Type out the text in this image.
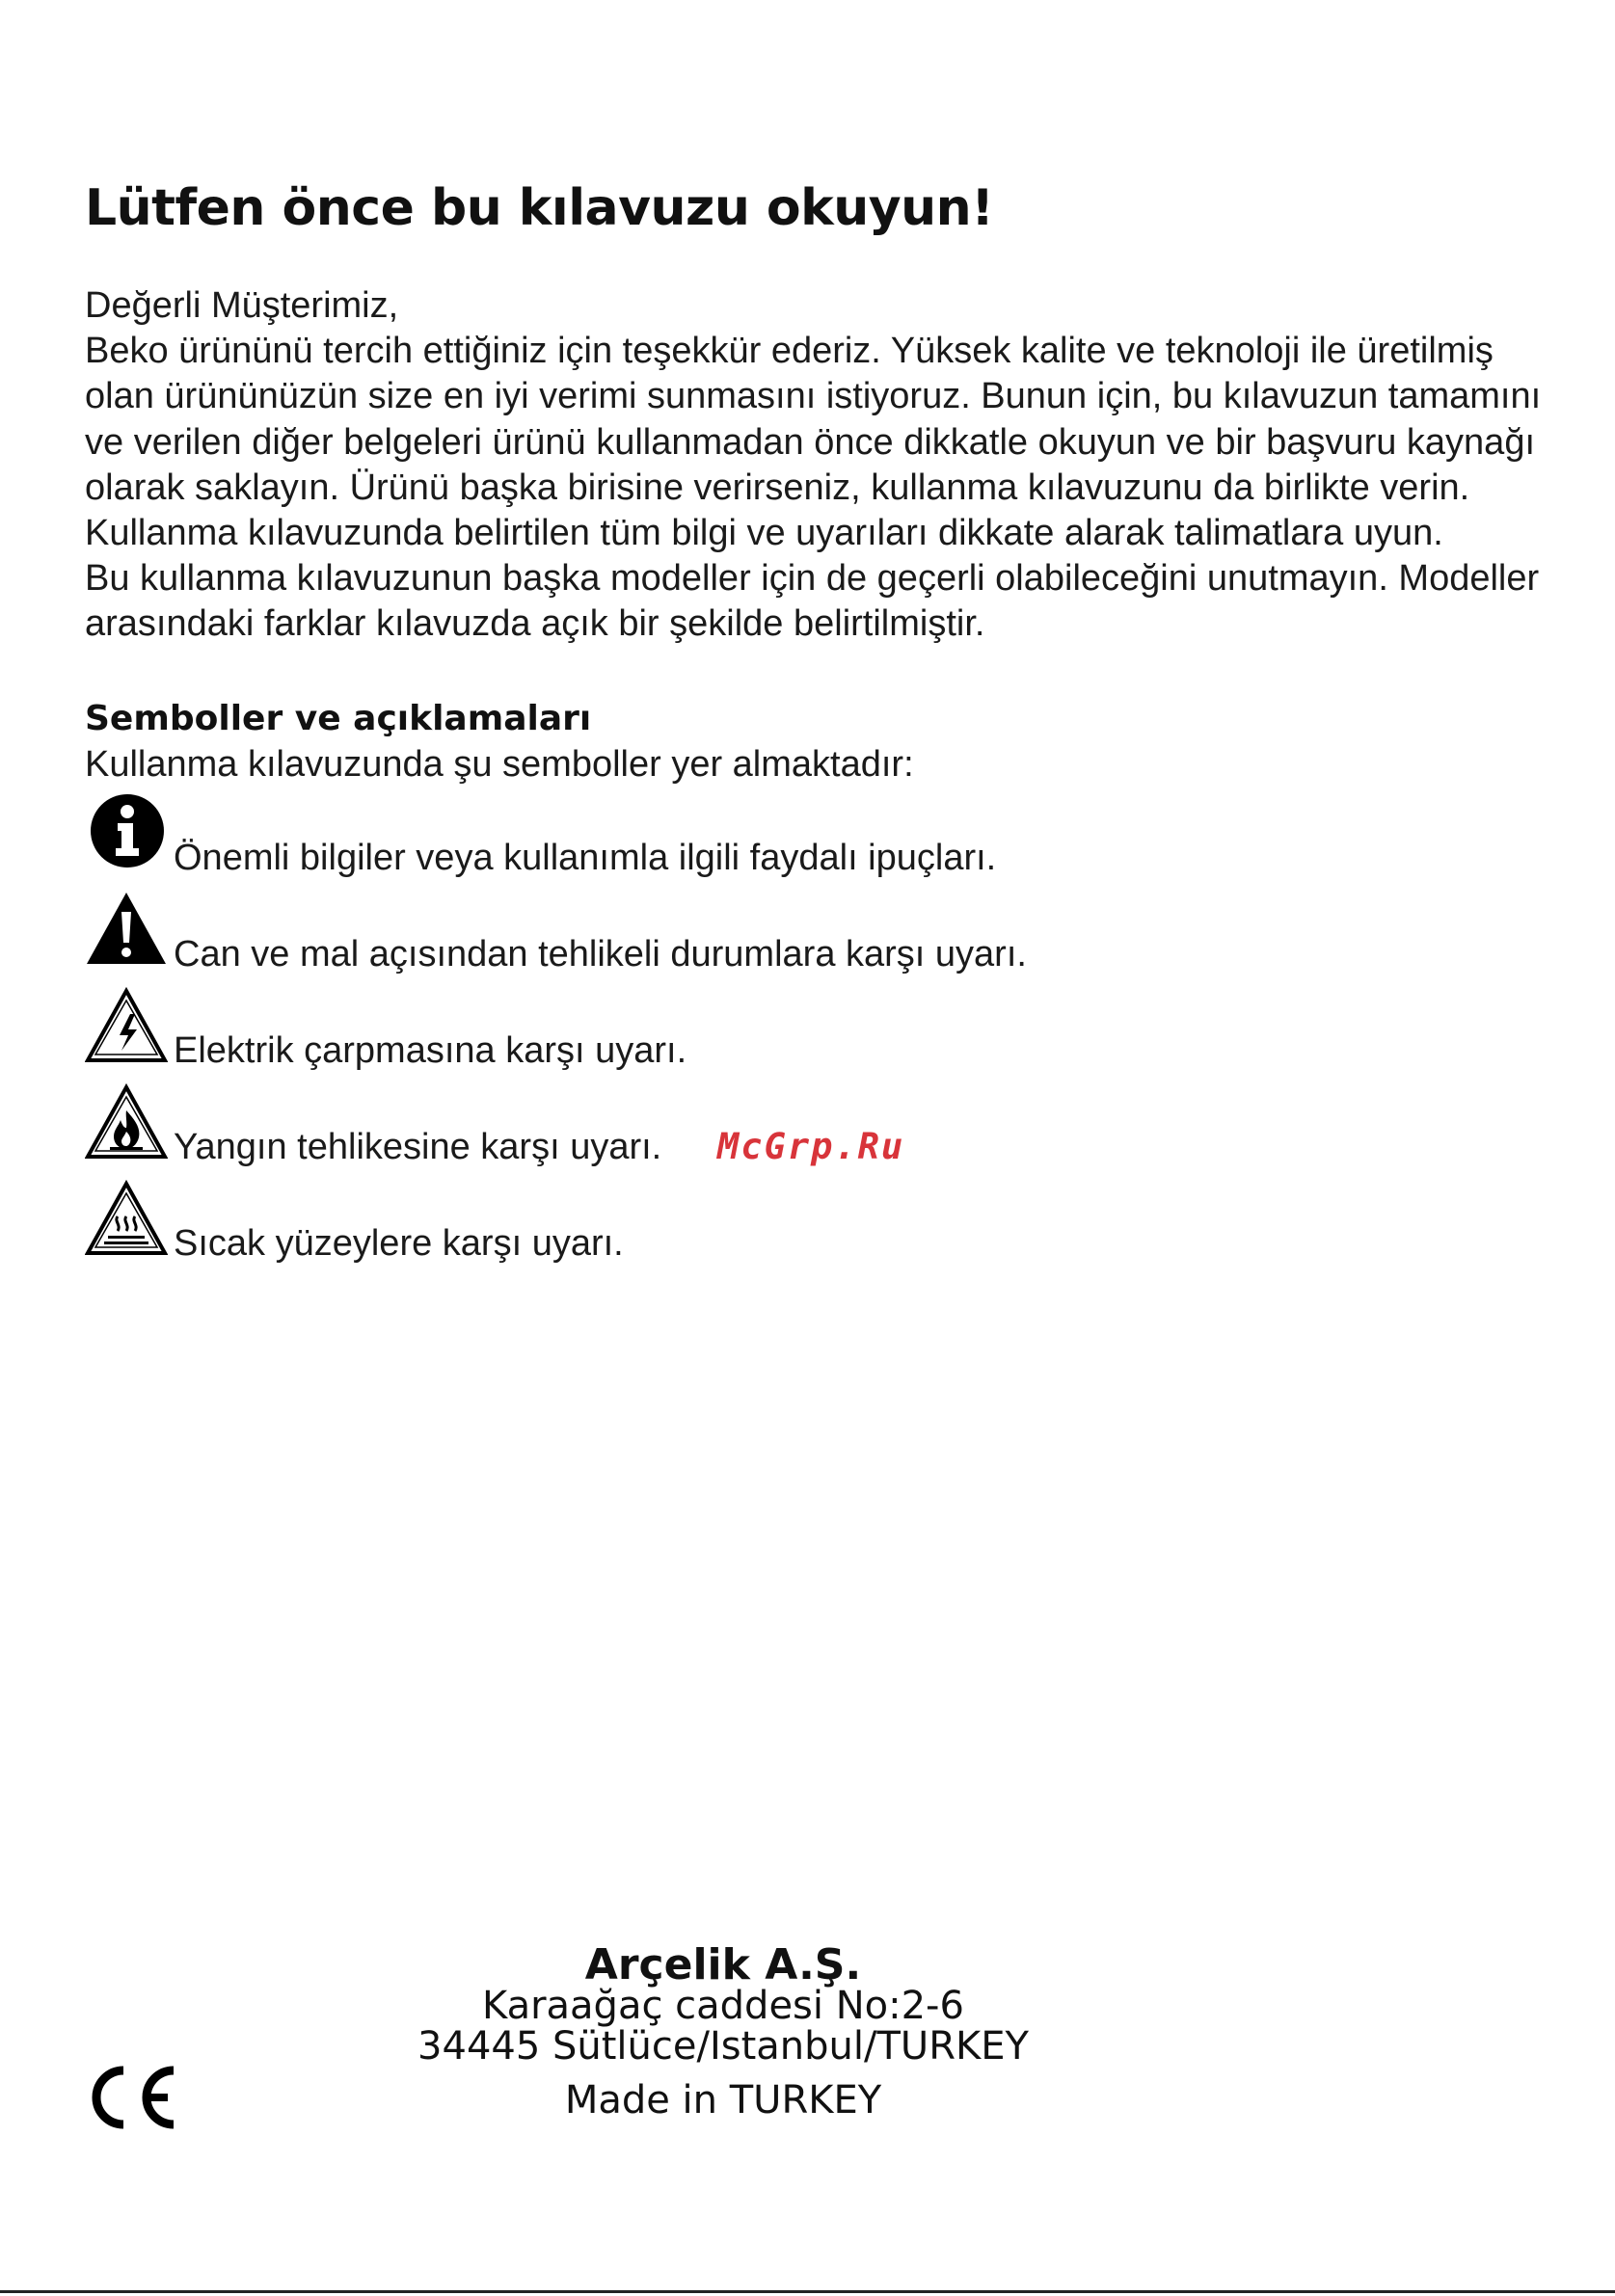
Lütfen önce bu kılavuzu okuyun!

Değerli Müşterimiz,

Beko ürününü tercih ettiğiniz için teşekkür ederiz. Yüksek kalite ve teknoloji ile üretilmiş olan ürününüzün size en iyi verimi sunmasını istiyoruz. Bunun için, bu kılavuzun tamamını ve verilen diğer belgeleri ürünü kullanmadan önce dikkatle okuyun ve bir başvuru kaynağı olarak saklayın. Ürünü başka birisine verirseniz, kullanma kılavuzunu da birlikte verin. Kullanma kılavuzunda belirtilen tüm bilgi ve uyarıları dikkate alarak talimatlara uyun.

Bu kullanma kılavuzunun başka modeller için de geçerli olabileceğini unutmayın. Modeller arasındaki farklar kılavuzda açık bir şekilde belirtilmiştir.

Semboller ve açıklamaları

Kullanma kılavuzunda şu semboller yer almaktadır:

Önemli bilgiler veya kullanımla ilgili faydalı ipuçları.
Can ve mal açısından tehlikeli durumlara karşı uyarı.
Elektrik çarpmasına karşı uyarı.
Yangın tehlikesine karşı uyarı.
Sıcak yüzeylere karşı uyarı.
McGrp.Ru
Arçelik A.Ş.
Karaağaç caddesi No:2-6
34445 Sütlüce/Istanbul/TURKEY
Made in TURKEY
